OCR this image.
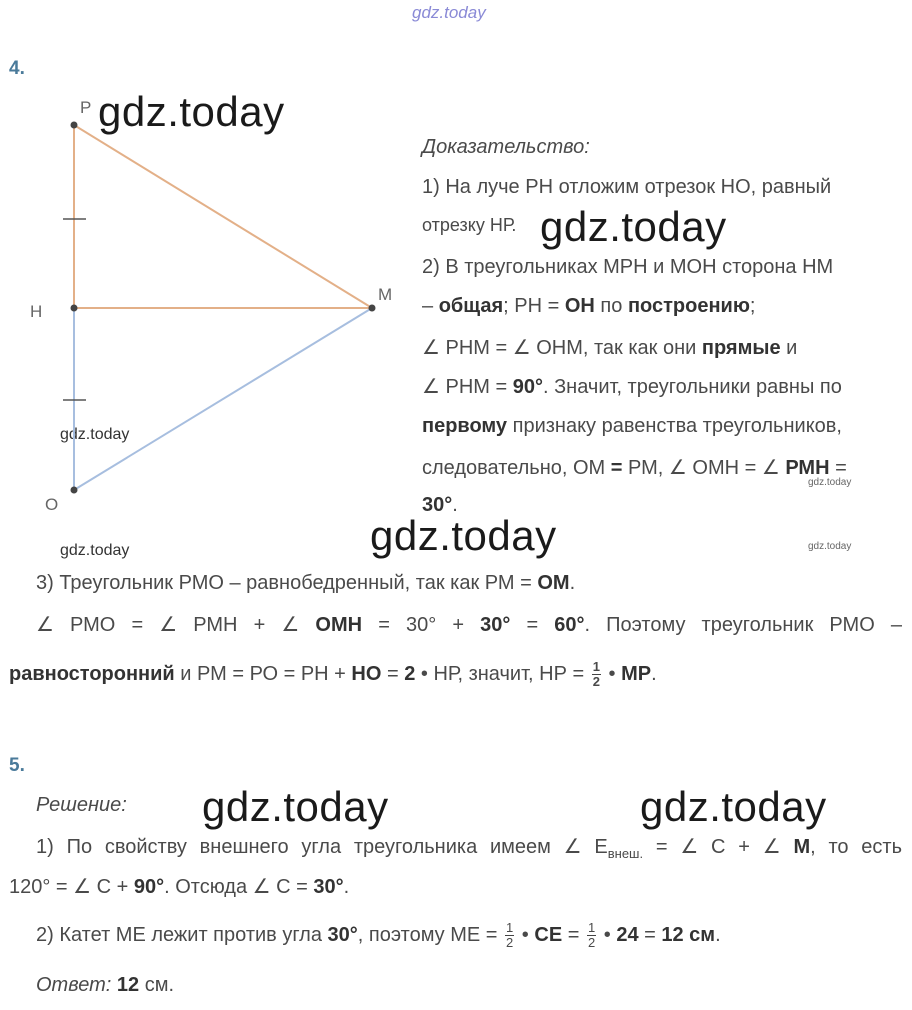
gdz.today
gdz.today
gdz.today
gdz.today
gdz.today	gdz.today
gdz.today
gdz.today
gdz.today
gdz.today
4.
P
H
M
O
Доказательство:
1) На луче РН отложим отрезок НО, равный
отрезку НР.
2) В треугольниках МРН и МОН сторона НМ
– общая; РН = ОН по построению;
∠ РНМ = ∠ ОНМ, так как они прямые и
∠ РНМ = 90°. Значит, треугольники равны по
первому признаку равенства треугольников,
следовательно, ОМ = РМ, ∠ ОМН = ∠ РМН =
30°.
3) Треугольник РМО – равнобедренный, так как РМ = ОМ.
∠ РМО = ∠ РМН + ∠ ОМН = 30° + 30° = 60°. Поэтому треугольник РМО –
равносторонний и РМ = РО = РН + НО = 2 • НР, значит, НР = $\frac{1}{2}$ • МР.
5.
Решение:
1) По свойству внешнего угла треугольника имеем ∠ $Е_{внеш.}$ = ∠ С + ∠ М, то есть
120° = ∠ С + 90°. Отсюда ∠ С = 30°.
2) Катет МЕ лежит против угла 30°, поэтому МЕ = $\frac{1}{2}$ • СЕ = $\frac{1}{2}$ • 24 = 12 см.
Ответ: 12 см.
